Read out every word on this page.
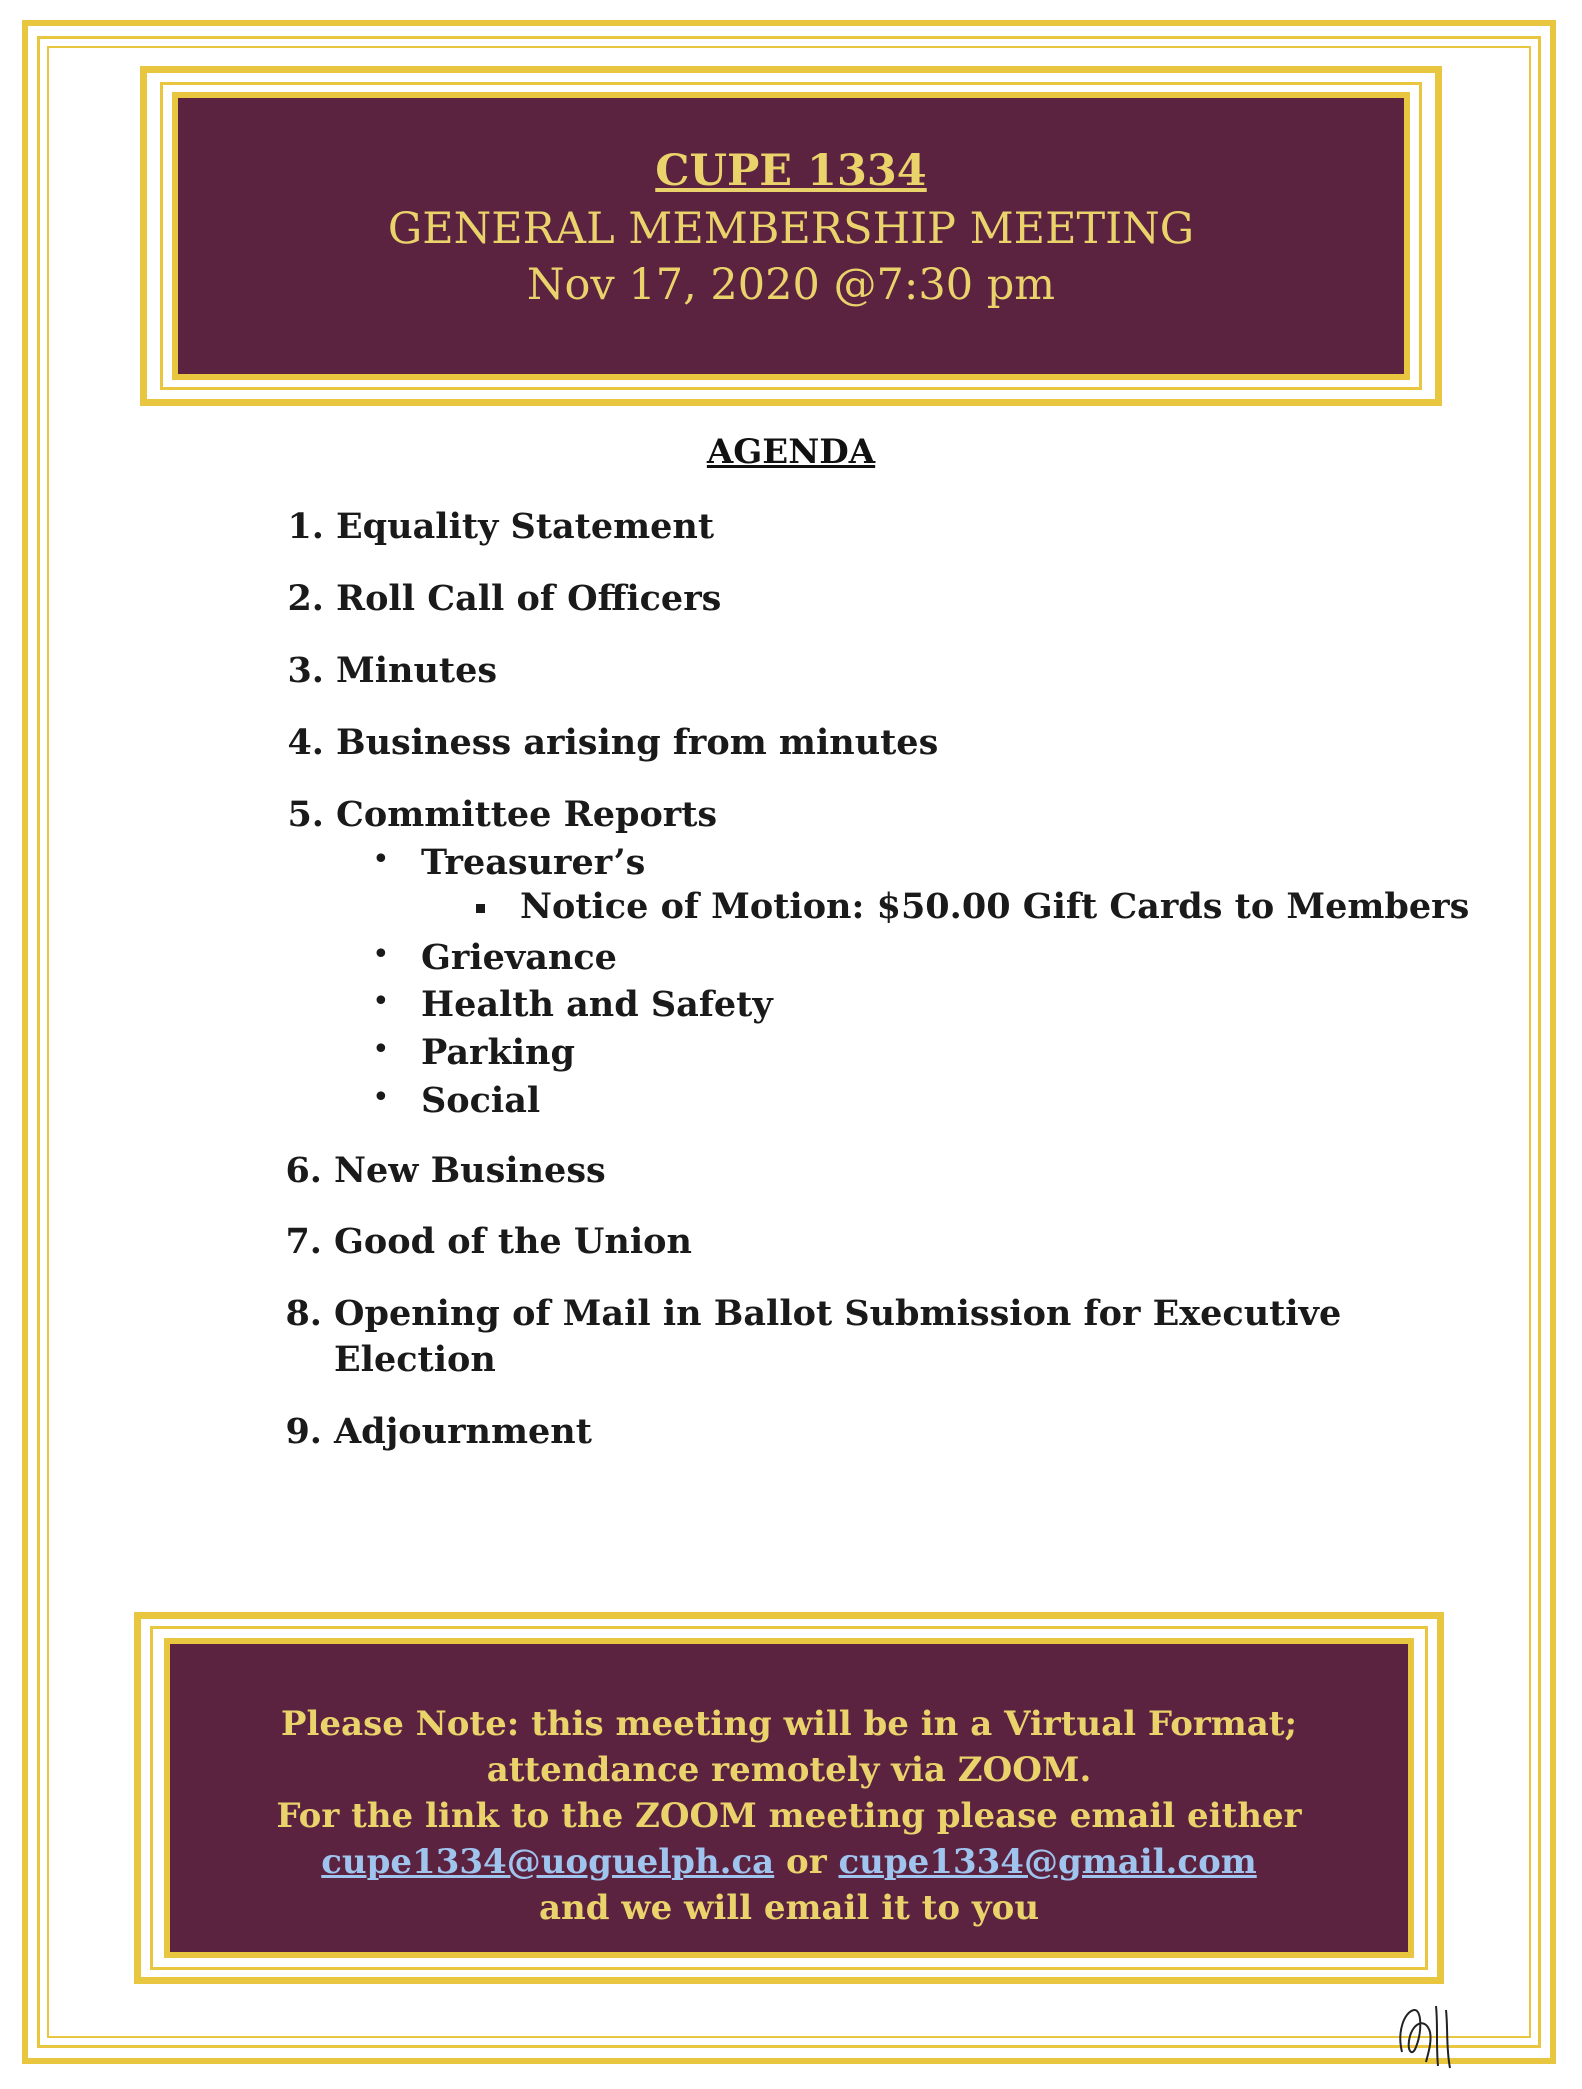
CUPE 1334
GENERAL MEMBERSHIP MEETING
Nov 17, 2020 @7:30 pm
AGENDA
1. Equality Statement
2. Roll Call of Officers
3. Minutes
4. Business arising from minutes
5. Committee Reports
• Treasurer’s
Notice of Motion: $50.00 Gift Cards to Members
• Grievance
• Health and Safety
• Parking
• Social
6. New Business
7. Good of the Union
8. Opening of Mail in Ballot Submission for Executive
Election
9. Adjournment
Please Note: this meeting will be in a Virtual Format;
attendance remotely via ZOOM.
For the link to the ZOOM meeting please email either
cupe1334@uoguelph.ca or cupe1334@gmail.com
and we will email it to you
